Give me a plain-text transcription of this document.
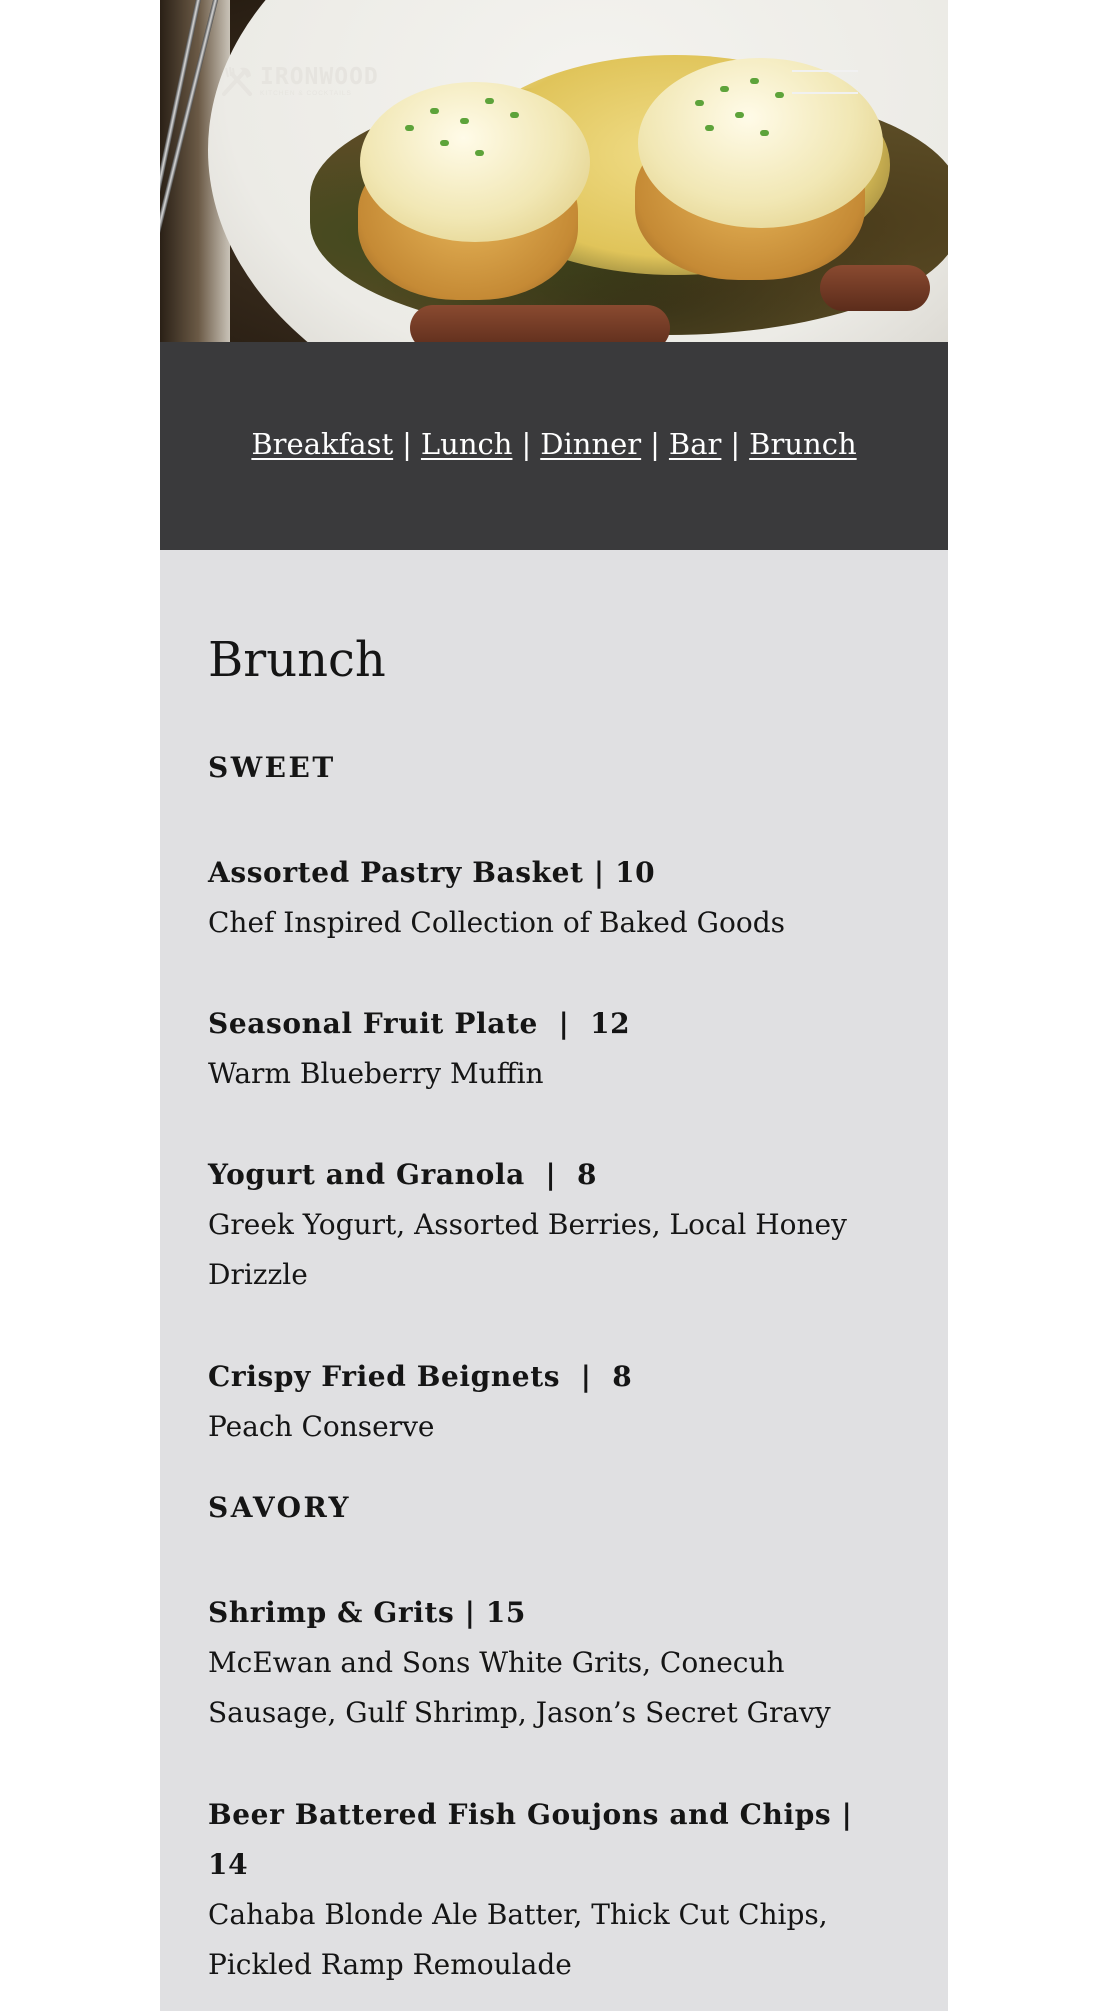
IRONWOOD
KITCHEN & COCKTAILS
Breakfast | Lunch | Dinner | Bar | Brunch
Brunch
SWEET
Assorted Pastry Basket | 10
Chef Inspired Collection of Baked Goods
Seasonal Fruit Plate  |  12
Warm Blueberry Muffin
Yogurt and Granola  |  8
Greek Yogurt, Assorted Berries, Local Honey Drizzle
Crispy Fried Beignets  |  8
Peach Conserve
SAVORY
Shrimp & Grits | 15
McEwan and Sons White Grits, Conecuh Sausage, Gulf Shrimp, Jason’s Secret Gravy
Beer Battered Fish Goujons and Chips | 14
Cahaba Blonde Ale Batter, Thick Cut Chips, Pickled Ramp Remoulade
